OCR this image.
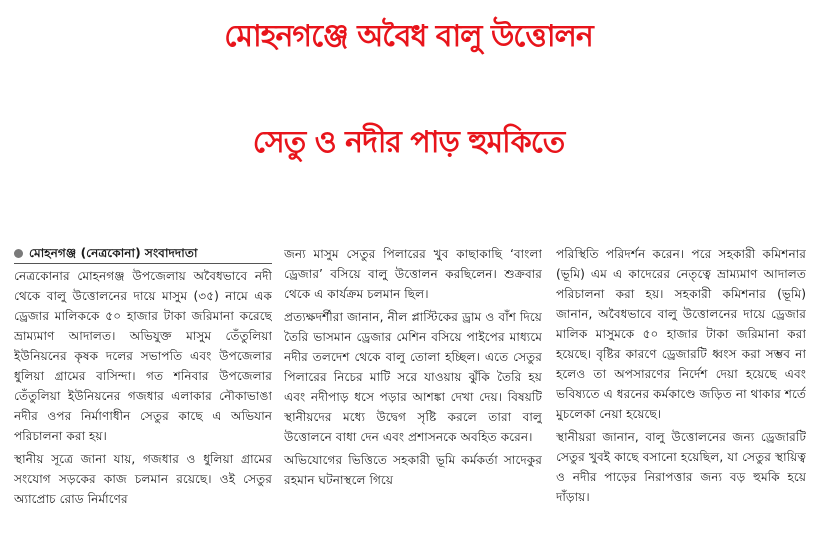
মোহনগঞ্জে অবৈধ বালু উত্তোলন
সেতু ও নদীর পাড় হুমকিতে
মোহনগঞ্জ (নেত্রকোনা) সংবাদদাতা

নেত্রকোনার মোহনগঞ্জ উপজেলায় অবৈধভাবে নদী থেকে বালু উত্তোলনের দায়ে মাসুম (৩৫) নামে এক ড্রেজার মালিককে ৫০ হাজার টাকা জরিমানা করেছে ভ্রাম্যমাণ আদালত। অভিযুক্ত মাসুম তেঁতুলিয়া ইউনিয়নের কৃষক দলের সভাপতি এবং উপজেলার ধুলিয়া গ্রামের বাসিন্দা। গত শনিবার উপজেলার তেঁতুলিয়া ইউনিয়নের গজধার এলাকার নৌকাভাঙা নদীর ওপর নির্মাণাধীন সেতুর কাছে এ অভিযান পরিচালনা করা হয়।

স্থানীয় সূত্রে জানা যায়, গজধার ও ধুলিয়া গ্রামের সংযোগ সড়কের কাজ চলমান রয়েছে। ওই সেতুর অ্যাপ্রোচ রোড নির্মাণের

জন্য মাসুম সেতুর পিলারের খুব কাছাকাছি ‘বাংলা ড্রেজার’ বসিয়ে বালু উত্তোলন করছিলেন। শুক্রবার থেকে এ কার্যক্রম চলমান ছিল।

প্রত্যক্ষদর্শীরা জানান, নীল প্লাস্টিকের ড্রাম ও বাঁশ দিয়ে তৈরি ভাসমান ড্রেজার মেশিন বসিয়ে পাইপের মাধ্যমে নদীর তলদেশ থেকে বালু তোলা হচ্ছিল। এতে সেতুর পিলারের নিচের মাটি সরে যাওয়ায় ঝুঁকি তৈরি হয় এবং নদীপাড় ধসে পড়ার আশঙ্কা দেখা দেয়। বিষয়টি স্থানীয়দের মধ্যে উদ্বেগ সৃষ্টি করলে তারা বালু উত্তোলনে বাধা দেন এবং প্রশাসনকে অবহিত করেন।

অভিযোগের ভিত্তিতে সহকারী ভূমি কর্মকর্তা সাদেকুর রহমান ঘটনাস্থলে গিয়ে

পরিস্থিতি পরিদর্শন করেন। পরে সহকারী কমিশনার (ভূমি) এম এ কাদেরের নেতৃত্বে ভ্রাম্যমাণ আদালত পরিচালনা করা হয়। সহকারী কমিশনার (ভূমি) জানান, অবৈধভাবে বালু উত্তোলনের দায়ে ড্রেজার মালিক মাসুমকে ৫০ হাজার টাকা জরিমানা করা হয়েছে। বৃষ্টির কারণে ড্রেজারটি ধ্বংস করা সম্ভব না হলেও তা অপসারণের নির্দেশ দেয়া হয়েছে এবং ভবিষ্যতে এ ধরনের কর্মকাণ্ডে জড়িত না থাকার শর্তে মুচলেকা নেয়া হয়েছে।

স্থানীয়রা জানান, বালু উত্তোলনের জন্য ড্রেজারটি সেতুর খুবই কাছে বসানো হয়েছিল, যা সেতুর স্থায়িত্ব ও নদীর পাড়ের নিরাপত্তার জন্য বড় হুমকি হয়ে দাঁড়ায়।
